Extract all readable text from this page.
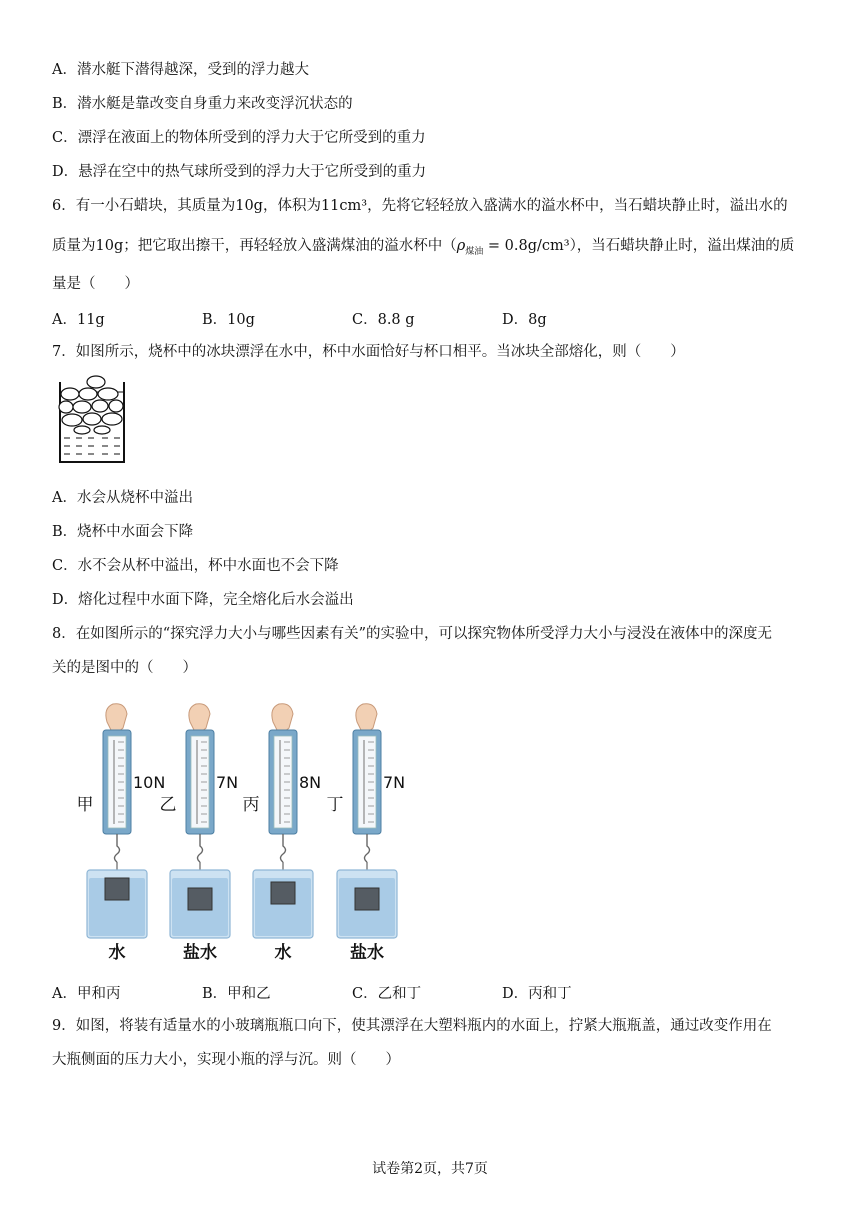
A．潜水艇下潜得越深，受到的浮力越大
B．潜水艇是靠改变自身重力来改变浮沉状态的
C．漂浮在液面上的物体所受到的浮力大于它所受到的重力
D．悬浮在空中的热气球所受到的浮力大于它所受到的重力
6．有一小石蜡块，其质量为10g，体积为11cm³，先将它轻轻放入盛满水的溢水杯中，当石蜡块静止时，溢出水的
质量为10g；把它取出擦干，再轻轻放入盛满煤油的溢水杯中$(\rho_{煤油} = 0.8g/cm^3)$，当石蜡块静止时，溢出煤油的质
量是（　　）
A．11g	B．10g	C．8.8 g	D．8g
7．如图所示，烧杯中的冰块漂浮在水中，杯中水面恰好与杯口相平。当冰块全部熔化，则（　　）
A．水会从烧杯中溢出
B．烧杯中水面会下降
C．水不会从杯中溢出，杯中水面也不会下降
D．熔化过程中水面下降，完全熔化后水会溢出
8．在如图所示的“探究浮力大小与哪些因素有关”的实验中，可以探究物体所受浮力大小与浸没在液体中的深度无
关的是图中的（　　）
甲
10N
水
乙
7N
盐水
丙
8N
水
丁
7N
盐水
A．甲和丙	B．甲和乙	C．乙和丁	D．丙和丁
9．如图，将装有适量水的小玻璃瓶瓶口向下，使其漂浮在大塑料瓶内的水面上，拧紧大瓶瓶盖，通过改变作用在
大瓶侧面的压力大小，实现小瓶的浮与沉。则（　　）
试卷第2页，共7页
